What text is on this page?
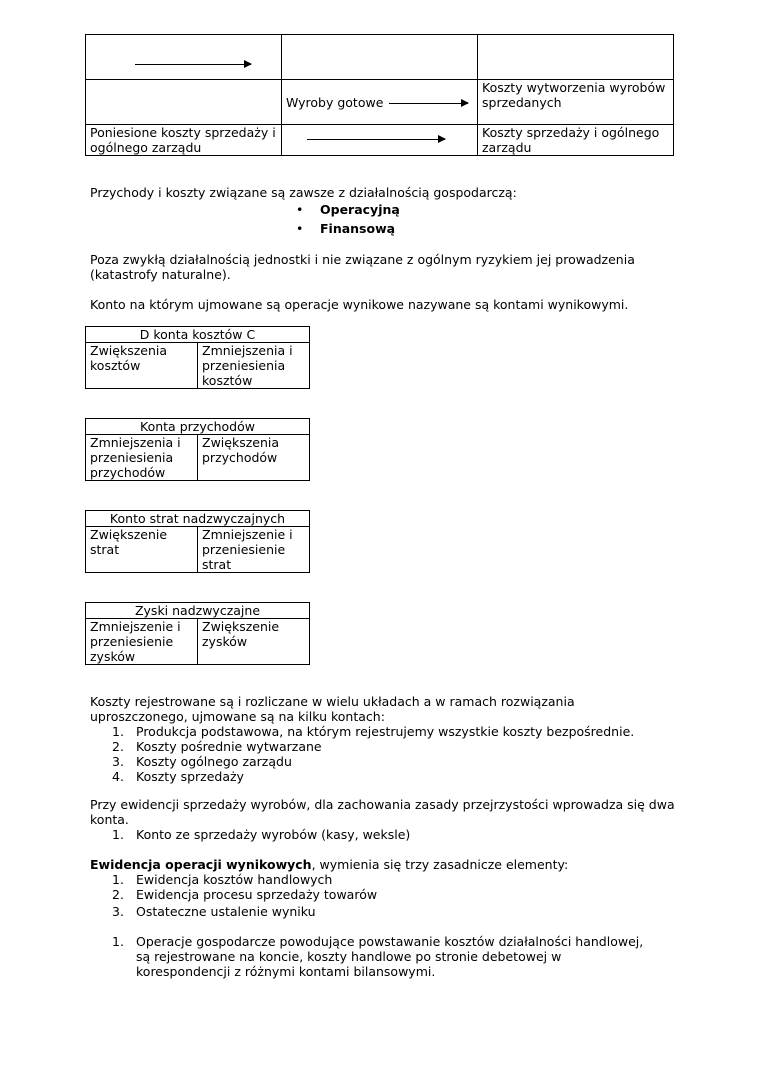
	Wyroby gotowe	Koszty wytworzenia wyrobów sprzedanych
Poniesione koszty sprzedaży i ogólnego zarządu		Koszty sprzedaży i ogólnego zarządu

Przychody i koszty związane są zawsze z działalnością gospodarczą:

• Operacyjną
• Finansową

Poza zwykłą działalnością jednostki i nie związane z ogólnym ryzykiem jej prowadzenia (katastrofy naturalne).

Konto na którym ujmowane są operacje wynikowe nazywane są kontami wynikowymi.

D konta kosztów C
Zwiększenia kosztów	Zmniejszenia i przeniesienia kosztów
Konta przychodów
Zmniejszenia i przeniesienia przychodów	Zwiększenia przychodów
Konto strat nadzwyczajnych
Zwiększenie strat	Zmniejszenie i przeniesienie strat
Zyski nadzwyczajne
Zmniejszenie i przeniesienie zysków	Zwiększenie zysków

Koszty rejestrowane są i rozliczane w wielu układach a w ramach rozwiązania uproszczonego, ujmowane są na kilku kontach:

1. Produkcja podstawowa, na którym rejestrujemy wszystkie koszty bezpośrednie.
2. Koszty pośrednie wytwarzane
3. Koszty ogólnego zarządu
4. Koszty sprzedaży

Przy ewidencji sprzedaży wyrobów, dla zachowania zasady przejrzystości wprowadza się dwa konta.

1. Konto ze sprzedaży wyrobów (kasy, weksle)

Ewidencja operacji wynikowych, wymienia się trzy zasadnicze elementy:

1. Ewidencja kosztów handlowych
2. Ewidencja procesu sprzedaży towarów
3. Ostateczne ustalenie wyniku
1. Operacje gospodarcze powodujące powstawanie kosztów działalności handlowej, są rejestrowane na koncie, koszty handlowe po stronie debetowej w korespondencji z różnymi kontami bilansowymi.
